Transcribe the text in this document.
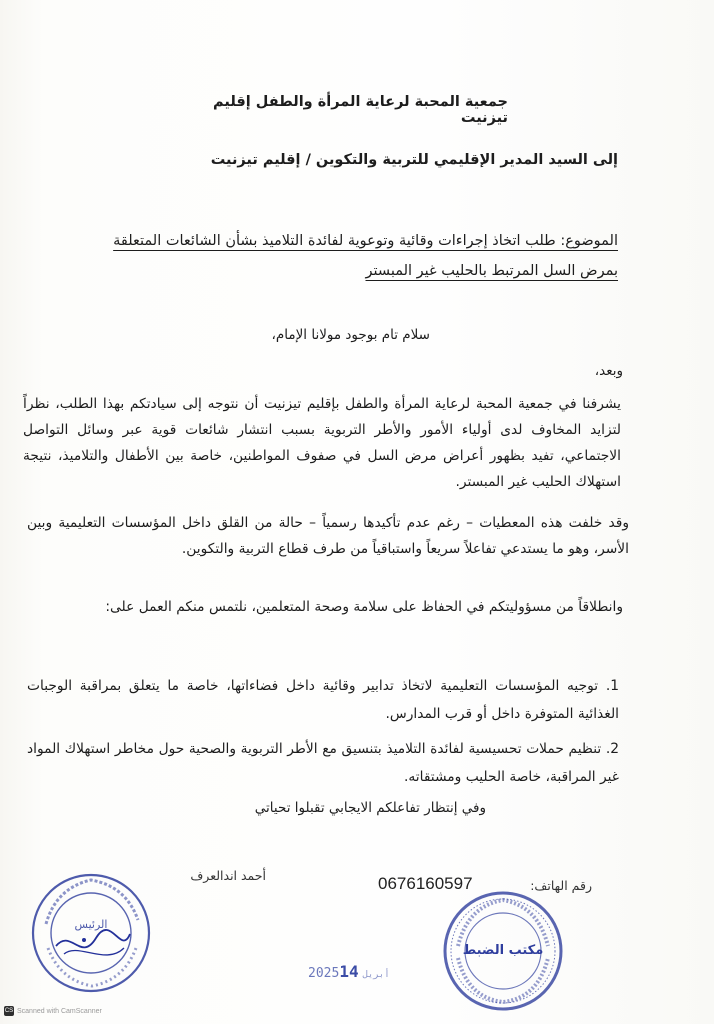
جمعية المحبة لرعاية المرأة والطفل إقليم تيزنيت
إلى السيد المدير الإقليمي للتربية والتكوين / إقليم تيزنيت
الموضوع: طلب اتخاذ إجراءات وقائية وتوعوية لفائدة التلاميذ بشأن الشائعات المتعلقة
بمرض السل المرتبط بالحليب غير المبستر
سلام تام بوجود مولانا الإمام،
وبعد،
يشرفنا في جمعية المحبة لرعاية المرأة والطفل بإقليم تيزنيت أن نتوجه إلى سيادتكم بهذا الطلب، نظراً لتزايد المخاوف لدى أولياء الأمور والأطر التربوية بسبب انتشار شائعات قوية عبر وسائل التواصل الاجتماعي، تفيد بظهور أعراض مرض السل في صفوف المواطنين، خاصة بين الأطفال والتلاميذ، نتيجة استهلاك الحليب غير المبستر.
وقد خلفت هذه المعطيات – رغم عدم تأكيدها رسمياً – حالة من القلق داخل المؤسسات التعليمية وبين الأسر، وهو ما يستدعي تفاعلاً سريعاً واستباقياً من طرف قطاع التربية والتكوين.
وانطلاقاً من مسؤوليتكم في الحفاظ على سلامة وصحة المتعلمين، نلتمس منكم العمل على:
1. توجيه المؤسسات التعليمية لاتخاذ تدابير وقائية داخل فضاءاتها، خاصة ما يتعلق بمراقبة الوجبات الغذائية المتوفرة داخل أو قرب المدارس.
2. تنظيم حملات تحسيسية لفائدة التلاميذ بتنسيق مع الأطر التربوية والصحية حول مخاطر استهلاك المواد غير المراقبة، خاصة الحليب ومشتقاته.
وفي إنتظار تفاعلكم الايجابي تقبلوا تحياتي
أحمد اندالعرف
رقم الهاتف:
0676160597
الرئيس
مكتب الضبط
2025	أبريل14
CS Scanned with CamScanner
